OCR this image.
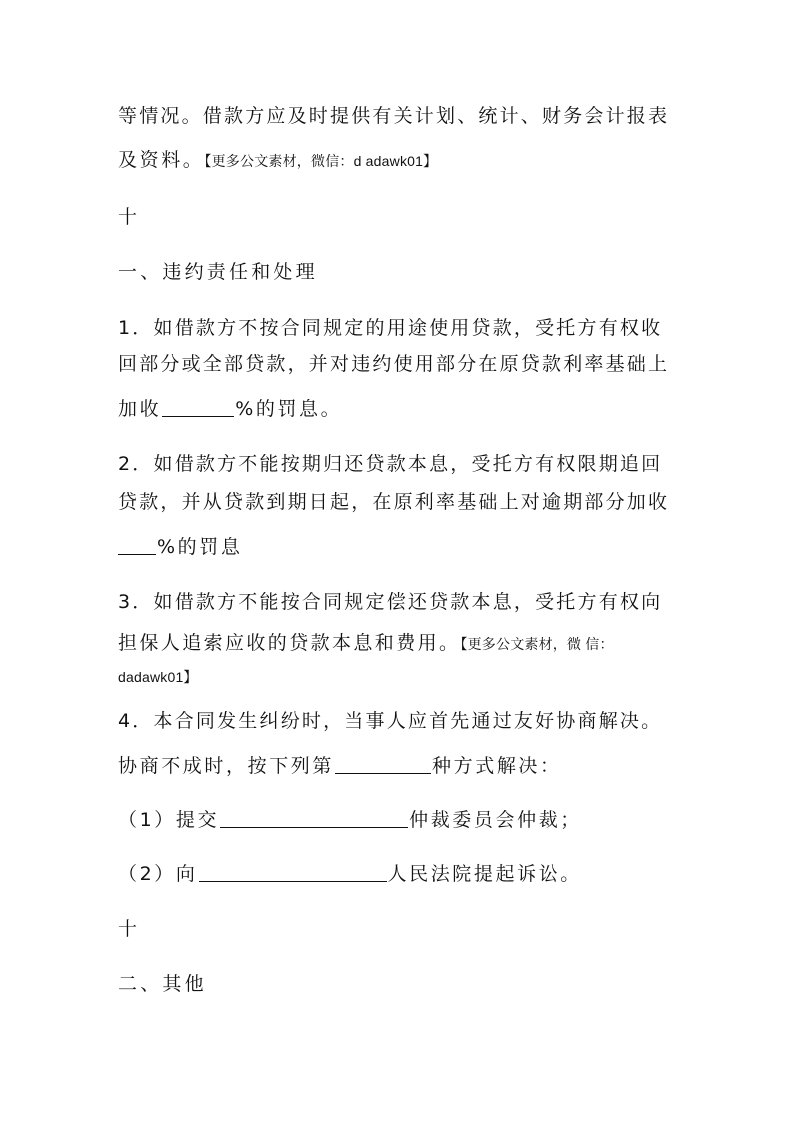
等情况。借款方应及时提供有关计划、统计、财务会计报表
及资料。【更多公文素材，微信：d adawk01】
十
一、违约责任和处理
1．如借款方不按合同规定的用途使用贷款，受托方有权收
回部分或全部贷款，并对违约使用部分在原贷款利率基础上
加收	%的罚息。
2．如借款方不能按期归还贷款本息，受托方有权限期追回
贷款，并从贷款到期日起，在原利率基础上对逾期部分加收
%的罚息
3．如借款方不能按合同规定偿还贷款本息，受托方有权向
担保人追索应收的贷款本息和费用。【更多公文素材，微 信：
dadawk01】
4．本合同发生纠纷时，当事人应首先通过友好协商解决。
协商不成时，按下列第	种方式解决：
（1）提交	仲裁委员会仲裁；
（2）向	人民法院提起诉讼。
十
二、其他
